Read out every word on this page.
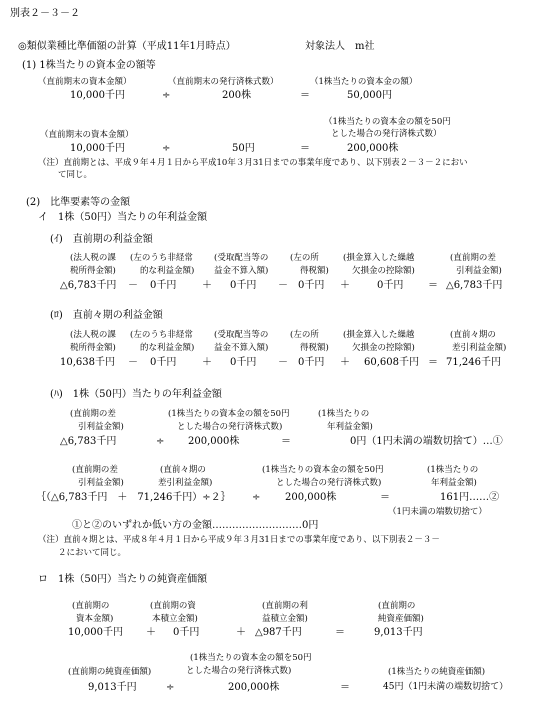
別表２－３－２
◎類似業種比準価額の計算（平成11年1月時点）	対象法人　m社
(1) 1株当たりの資本金の額等
（直前期末の資本金額）	（直前期末の発行済株式数）	（1株当たりの資本金の額）
10,000千円	÷	200株	＝	50,000円
（1株当たりの資本金の額を50円
（直前期末の資本金額）	とした場合の発行済株式数）
10,000千円	÷	50円	＝	200,000株
（注）直前期とは、平成９年４月１日から平成10年３月31日までの事業年度であり、以下別表２－３－２におい
て同じ。
(2)　比準要素等の金額
イ　1株（50円）当たりの年利益金額
(ｲ)　直前期の利益金額
(法人税の課 (左のうち非経常 (受取配当等の	(左の所	(損金算入した繰越	(直前期の差
税所得金額)	的な利益金額) 益金不算入額)	得税額)	欠損金の控除額)	引利益金額)
△6,783千円 － 0千円	＋ 0千円 － 0千円 ＋	0千円 ＝ △6,783千円
(ﾛ)　直前々期の利益金額
(法人税の課 (左のうち非経常 (受取配当等の	(左の所	(損金算入した繰越	(直前々期の
税所得金額)	的な利益金額) 益金不算入額)	得税額)	欠損金の控除額)	差引利益金額)
10,638千円 － 0千円	＋ 0千円 － 0千円 ＋ 60,608千円 ＝ 71,246千円
(ﾊ)　1株（50円）当たりの年利益金額
(直前期の差	(1株当たりの資本金の額を50円	(1株当たりの
引利益金額)	とした場合の発行済株式数)	年利益金額)
△6,783千円	÷ 200,000株	＝	0円（1円未満の端数切捨て）…①
(直前期の差	(直前々期の	(1株当たりの資本金の額を50円	(1株当たりの
引利益金額)	差引利益金額)	とした場合の発行済株式数)	年利益金額)
｛（△6,783千円　＋　71,246千円）÷２｝ ÷ 200,000株	＝	161円……②
（1円未満の端数切捨て）
①と②のいずれか低い方の金額………………………0円
（注）直前々期とは、平成８年４月１日から平成９年３月31日までの事業年度であり、以下別表２－３－
２において同じ。
ロ　1株（50円）当たりの純資産価額
(直前期の	(直前期の資	(直前期の利	(直前期の
資本金額)	本積立金額)	益積立金額)	純資産価額)
10,000千円 ＋ 0千円	＋ △987千円	＝	9,013千円
(1株当たりの資本金の額を50円
(直前期の純資産価額)	とした場合の発行済株式数)	(1株当たりの純資産価額)
9,013千円	÷	200,000株	＝	45円（1円未満の端数切捨て）
